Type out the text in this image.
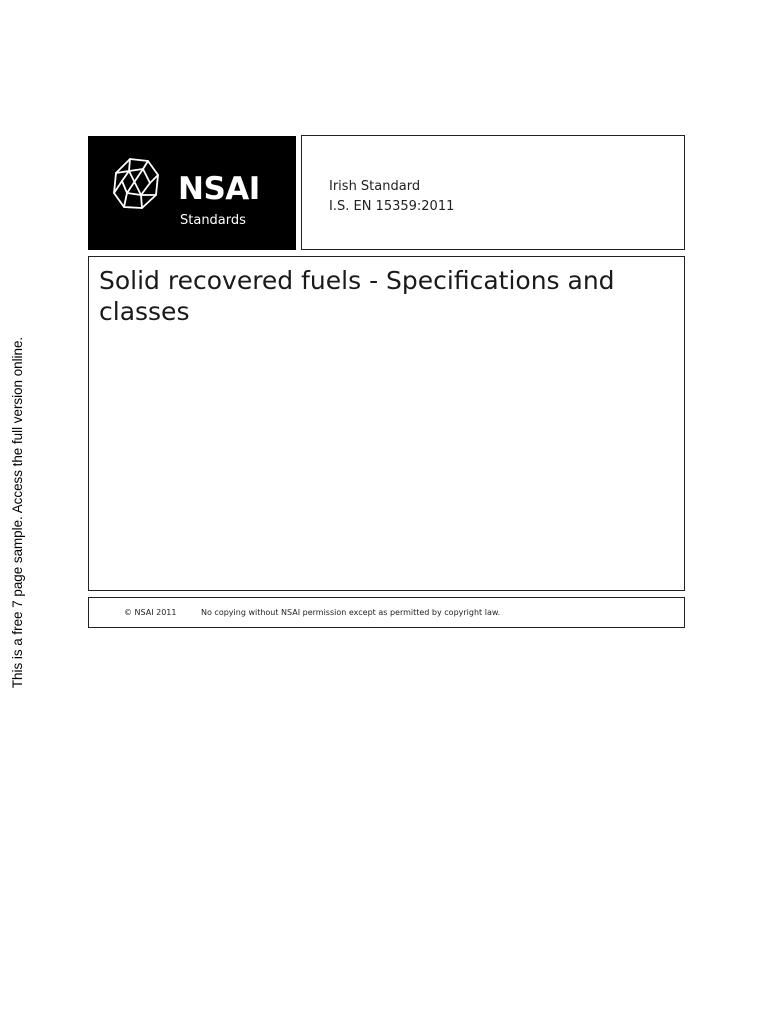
This is a free 7 page sample. Access the full version online.
NSAI
Standards
Irish Standard
I.S. EN 15359:2011
Solid recovered fuels - Specifications and classes
© NSAI 2011	No copying without NSAI permission except as permitted by copyright law.
